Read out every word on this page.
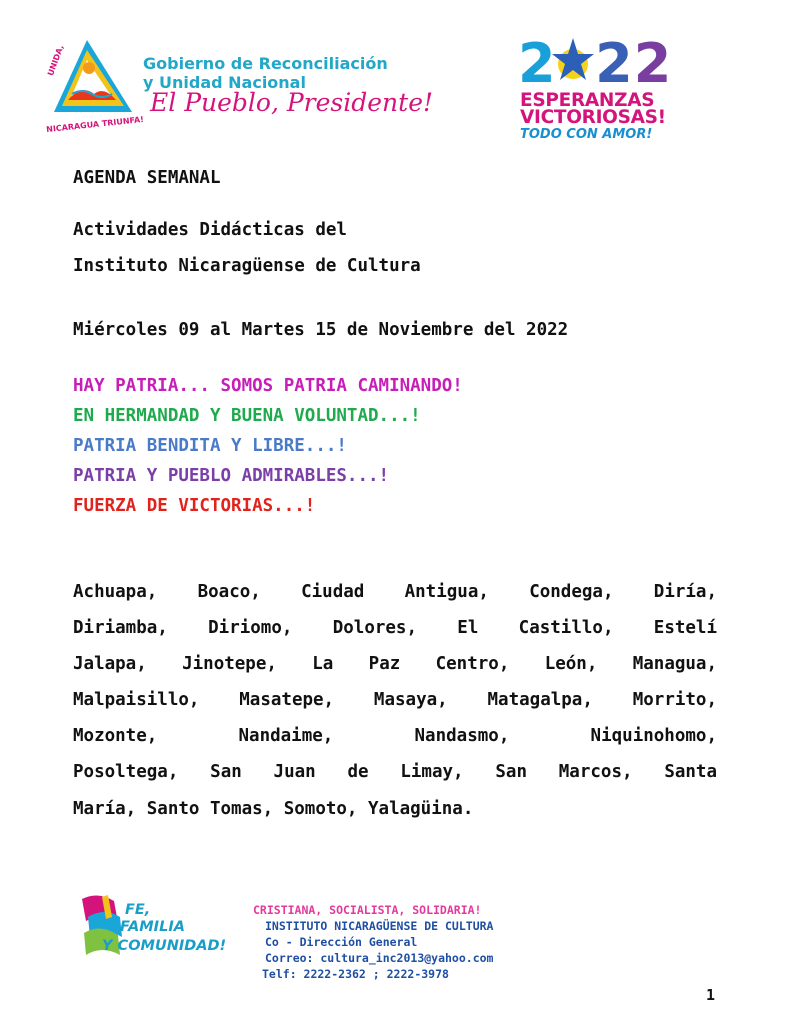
UNIDA,
NICARAGUA TRIUNFA!
Gobierno de Reconciliación
y Unidad Nacional
El Pueblo, Presidente!
2 22
ESPERANZAS
VICTORIOSAS!
TODO CON AMOR!
AGENDA SEMANAL
Actividades Didácticas del
Instituto Nicaragüense de Cultura
Miércoles 09 al Martes 15 de Noviembre del 2022
HAY PATRIA... SOMOS PATRIA CAMINANDO!
EN HERMANDAD Y BUENA VOLUNTAD...!
PATRIA BENDITA Y LIBRE...!
PATRIA Y PUEBLO ADMIRABLES...!
FUERZA DE VICTORIAS...!
Achuapa, Boaco, Ciudad Antigua, Condega, Diría,
Diriamba, Diriomo, Dolores, El Castillo, Estelí
Jalapa, Jinotepe, La Paz Centro, León, Managua,
Malpaisillo, Masatepe, Masaya, Matagalpa, Morrito,
Mozonte, Nandaime, Nandasmo, Niquinohomo,
Posoltega, San Juan de Limay, San Marcos, Santa
María, Santo Tomas, Somoto, Yalagüina.
FE,
FAMILIA
Y COMUNIDAD!
CRISTIANA, SOCIALISTA, SOLIDARIA!
INSTITUTO NICARAGÜENSE DE CULTURA
Co - Dirección General
Correo: cultura_inc2013@yahoo.com
Telf: 2222-2362 ; 2222-3978
1
